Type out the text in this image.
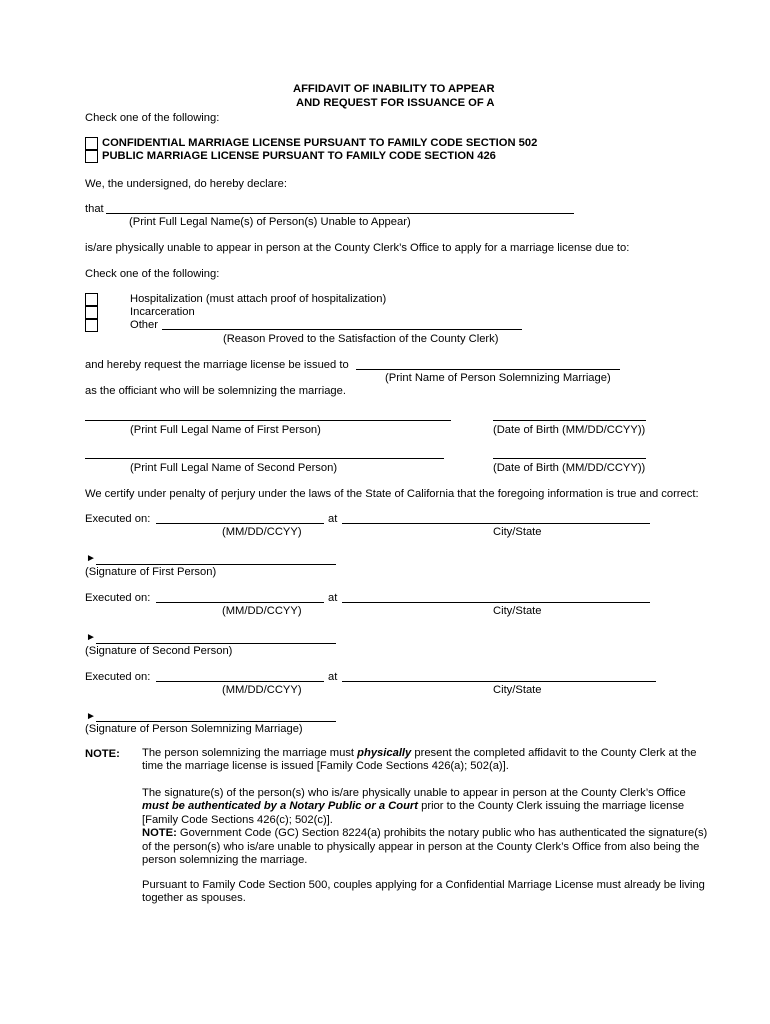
AFFIDAVIT OF INABILITY TO APPEAR
AND REQUEST FOR ISSUANCE OF A
Check one of the following:
CONFIDENTIAL MARRIAGE LICENSE PURSUANT TO FAMILY CODE SECTION 502
PUBLIC MARRIAGE LICENSE PURSUANT TO FAMILY CODE SECTION 426
We, the undersigned, do hereby declare:
that
(Print Full Legal Name(s) of Person(s) Unable to Appear)
is/are physically unable to appear in person at the County Clerk’s Office to apply for a marriage license due to:
Check one of the following:
Hospitalization (must attach proof of hospitalization)
Incarceration
Other
(Reason Proved to the Satisfaction of the County Clerk)
and hereby request the marriage license be issued to
(Print Name of Person Solemnizing Marriage)
as the officiant who will be solemnizing the marriage.
(Print Full Legal Name of First Person)	(Date of Birth (MM/DD/CCYY))
(Print Full Legal Name of Second Person)	(Date of Birth (MM/DD/CCYY))
We certify under penalty of perjury under the laws of the State of California that the foregoing information is true and correct:
Executed on:	at
(MM/DD/CCYY)	City/State
►
(Signature of First Person)
Executed on:	at
(MM/DD/CCYY)	City/State
►
(Signature of Second Person)
Executed on:	at
(MM/DD/CCYY)	City/State
►
(Signature of Person Solemnizing Marriage)
NOTE: The person solemnizing the marriage must physically present the completed affidavit to the County Clerk at the time the marriage license is issued [Family Code Sections 426(a); 502(a)].
The signature(s) of the person(s) who is/are physically unable to appear in person at the County Clerk’s Office must be authenticated by a Notary Public or a Court prior to the County Clerk issuing the marriage license [Family Code Sections 426(c); 502(c)].
NOTE: Government Code (GC) Section 8224(a) prohibits the notary public who has authenticated the signature(s) of the person(s) who is/are unable to physically appear in person at the County Clerk’s Office from also being the person solemnizing the marriage.
Pursuant to Family Code Section 500, couples applying for a Confidential Marriage License must already be living together as spouses.
